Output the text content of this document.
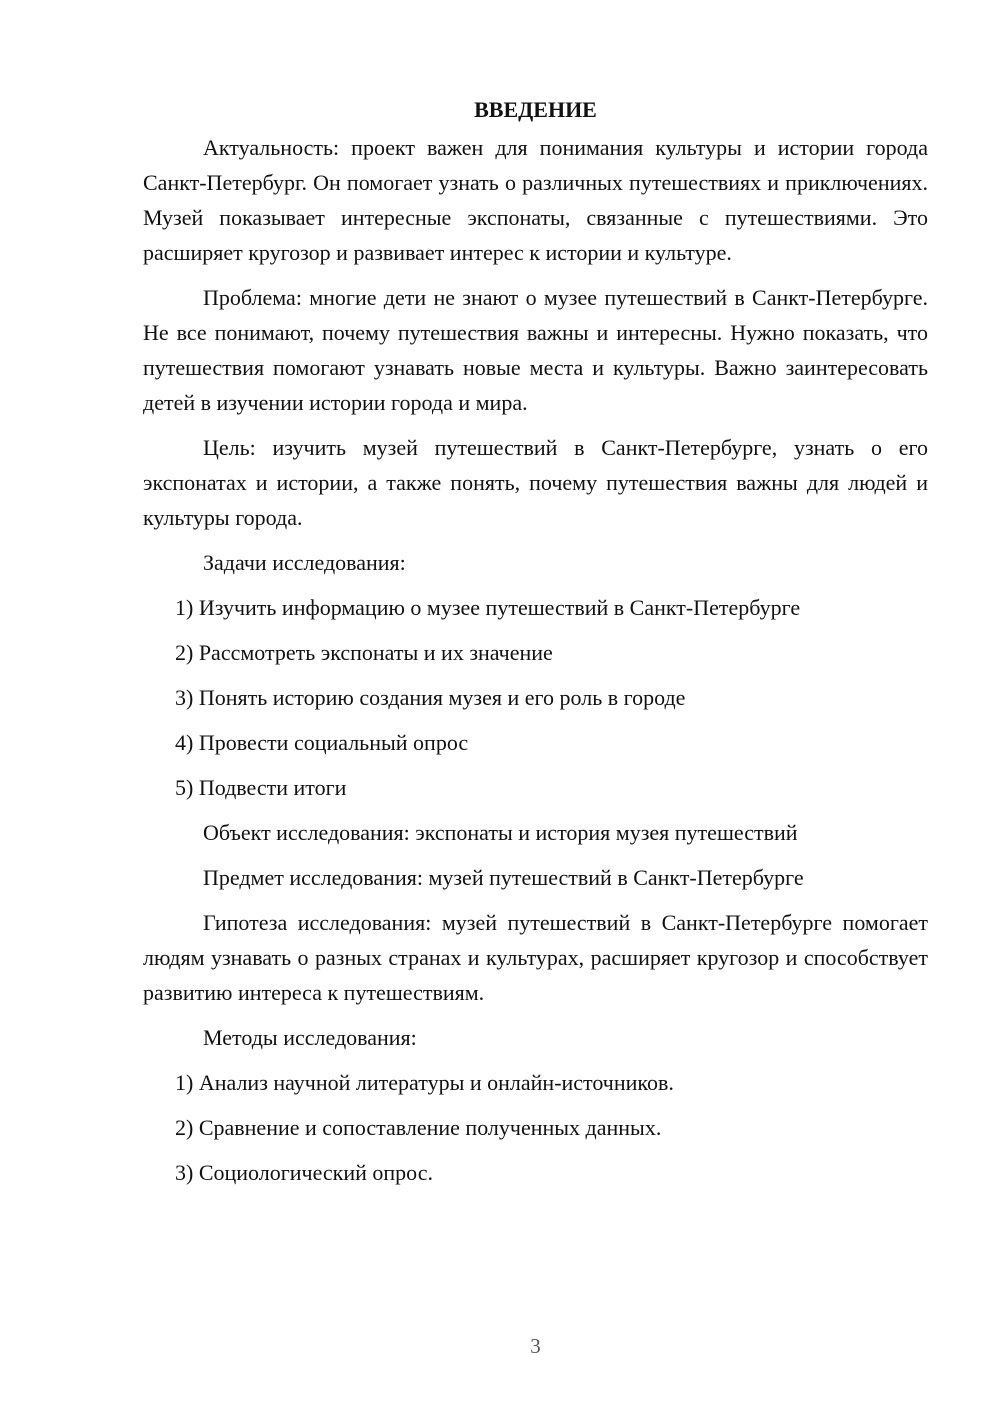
ВВЕДЕНИЕ

Актуальность: проект важен для понимания культуры и истории города Санкт-Петербург. Он помогает узнать о различных путешествиях и приключениях. Музей показывает интересные экспонаты, связанные с путешествиями. Это расширяет кругозор и развивает интерес к истории и культуре.

Проблема: многие дети не знают о музее путешествий в Санкт-Петербурге. Не все понимают, почему путешествия важны и интересны. Нужно показать, что путешествия помогают узнавать новые места и культуры. Важно заинтересовать детей в изучении истории города и мира.

Цель: изучить музей путешествий в Санкт-Петербурге, узнать о его экспонатах и истории, а также понять, почему путешествия важны для людей и культуры города.

Задачи исследования:

1) Изучить информацию о музее путешествий в Санкт-Петербурге

2) Рассмотреть экспонаты и их значение

3) Понять историю создания музея и его роль в городе

4) Провести социальный опрос

5) Подвести итоги

Объект исследования: экспонаты и история музея путешествий

Предмет исследования: музей путешествий в Санкт-Петербурге

Гипотеза исследования: музей путешествий в Санкт-Петербурге помогает людям узнавать о разных странах и культурах, расширяет кругозор и способствует развитию интереса к путешествиям.

Методы исследования:

1) Анализ научной литературы и онлайн-источников.

2) Сравнение и сопоставление полученных данных.

3) Социологический опрос.

3
